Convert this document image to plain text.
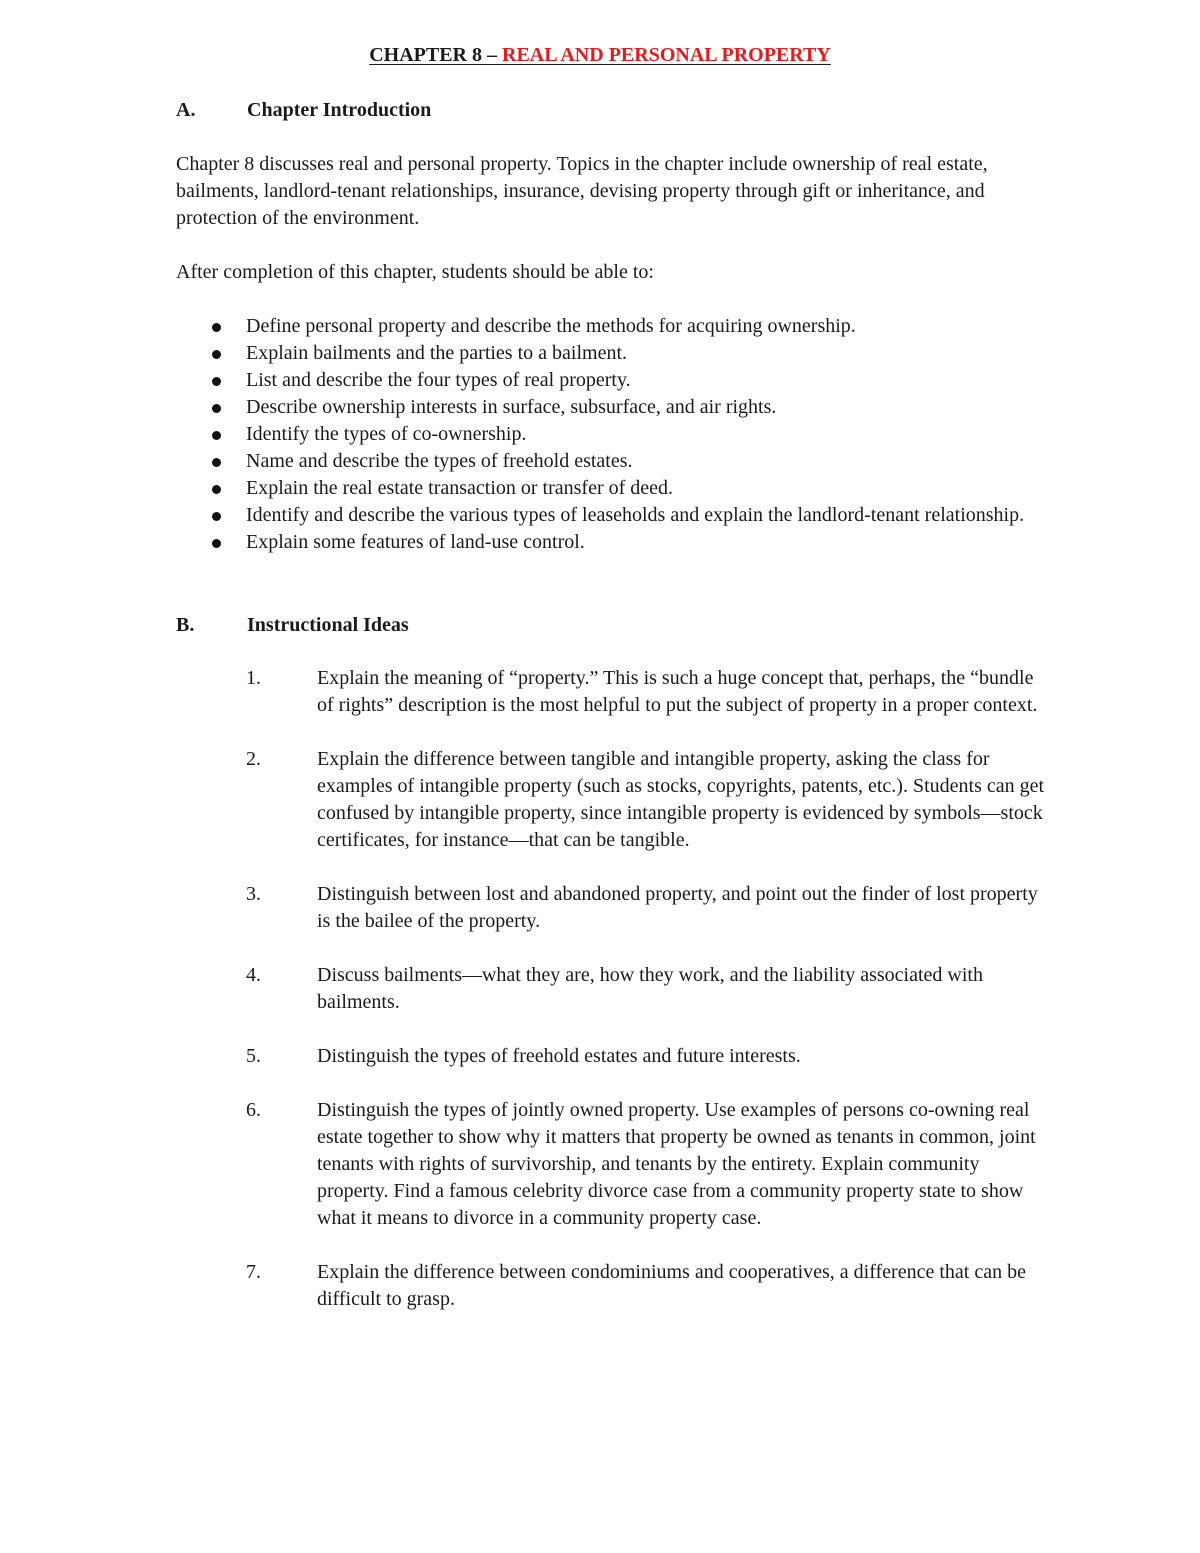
CHAPTER 8 – REAL AND PERSONAL PROPERTY
A.	Chapter Introduction

Chapter 8 discusses real and personal property. Topics in the chapter include ownership of real estate, bailments, landlord-tenant relationships, insurance, devising property through gift or inheritance, and protection of the environment.

After completion of this chapter, students should be able to:

Define personal property and describe the methods for acquiring ownership.
Explain bailments and the parties to a bailment.
List and describe the four types of real property.
Describe ownership interests in surface, subsurface, and air rights.
Identify the types of co-ownership.
Name and describe the types of freehold estates.
Explain the real estate transaction or transfer of deed.
Identify and describe the various types of leaseholds and explain the landlord-tenant relationship.
Explain some features of land-use control.
B.	Instructional Ideas
1.	Explain the meaning of “property.” This is such a huge concept that, perhaps, the “bundle of rights” description is the most helpful to put the subject of property in a proper context.
2.	Explain the difference between tangible and intangible property, asking the class for examples of intangible property (such as stocks, copyrights, patents, etc.). Students can get confused by intangible property, since intangible property is evidenced by symbols—stock certificates, for instance—that can be tangible.
3.	Distinguish between lost and abandoned property, and point out the finder of lost property is the bailee of the property.
4.	Discuss bailments—what they are, how they work, and the liability associated with bailments.
5.	Distinguish the types of freehold estates and future interests.
6.	Distinguish the types of jointly owned property. Use examples of persons co-owning real estate together to show why it matters that property be owned as tenants in common, joint tenants with rights of survivorship, and tenants by the entirety. Explain community property. Find a famous celebrity divorce case from a community property state to show what it means to divorce in a community property case.
7.	Explain the difference between condominiums and cooperatives, a difference that can be difficult to grasp.
